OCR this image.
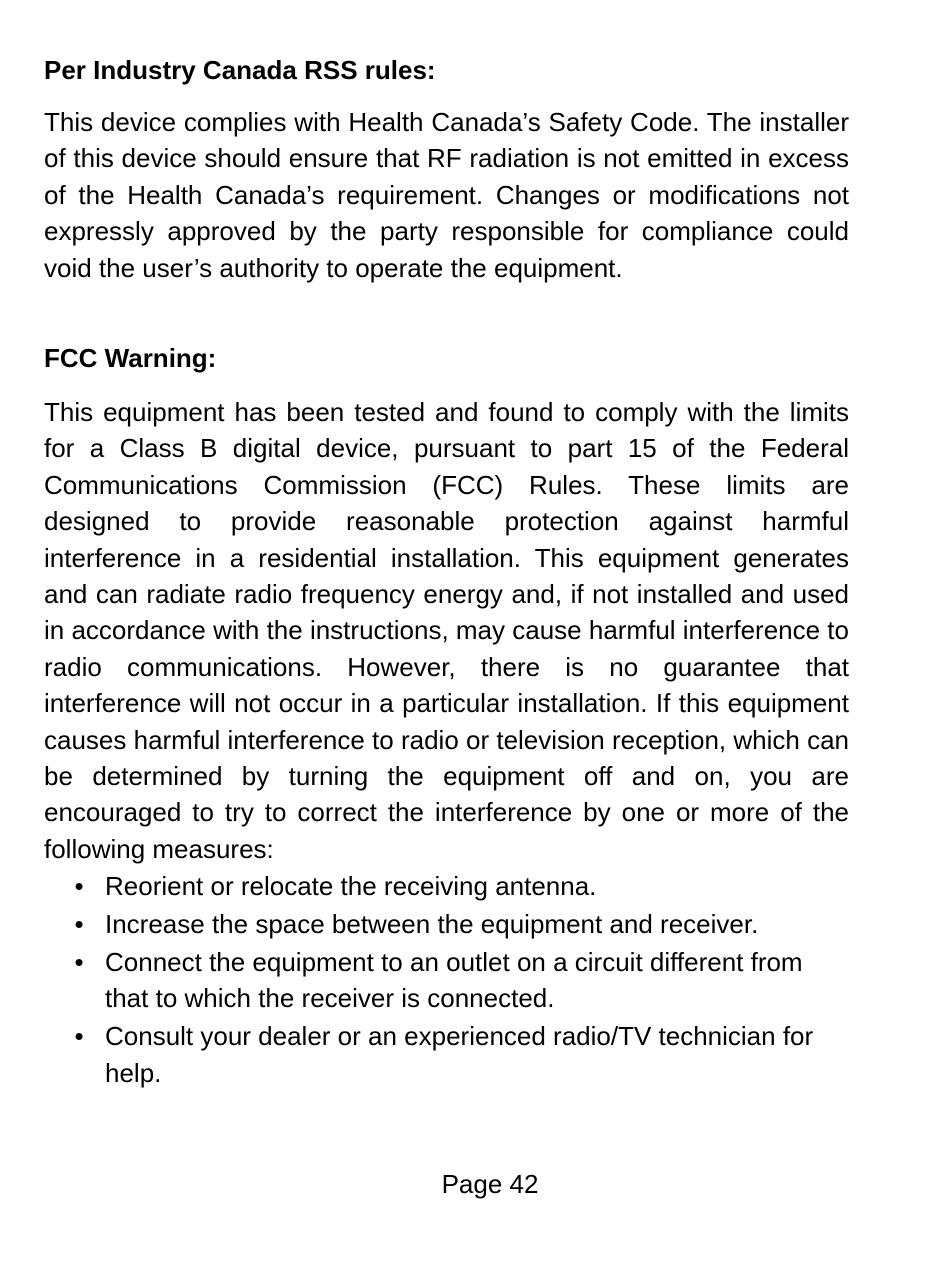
Per Industry Canada RSS rules:

This device complies with Health Canada’s Safety Code. The installer of this device should ensure that RF radiation is not emitted in excess of the Health Canada’s requirement. Changes or modifications not expressly approved by the party responsible for compliance could void the user’s authority to operate the equipment.

FCC Warning:

This equipment has been tested and found to comply with the limits for a Class B digital device, pursuant to part 15 of the Federal Communications Commission (FCC) Rules. These limits are designed to provide reasonable protection against harmful interference in a residential installation. This equipment generates and can radiate radio frequency energy and, if not installed and used in accordance with the instructions, may cause harmful interference to radio communications. However, there is no guarantee that interference will not occur in a particular installation. If this equipment causes harmful interference to radio or television reception, which can be determined by turning the equipment off and on, you are encouraged to try to correct the interference by one or more of the following measures:

• Reorient or relocate the receiving antenna.
• Increase the space between the equipment and receiver.
• Connect the equipment to an outlet on a circuit different from that to which the receiver is connected.
• Consult your dealer or an experienced radio/TV technician for help.
Page 42
